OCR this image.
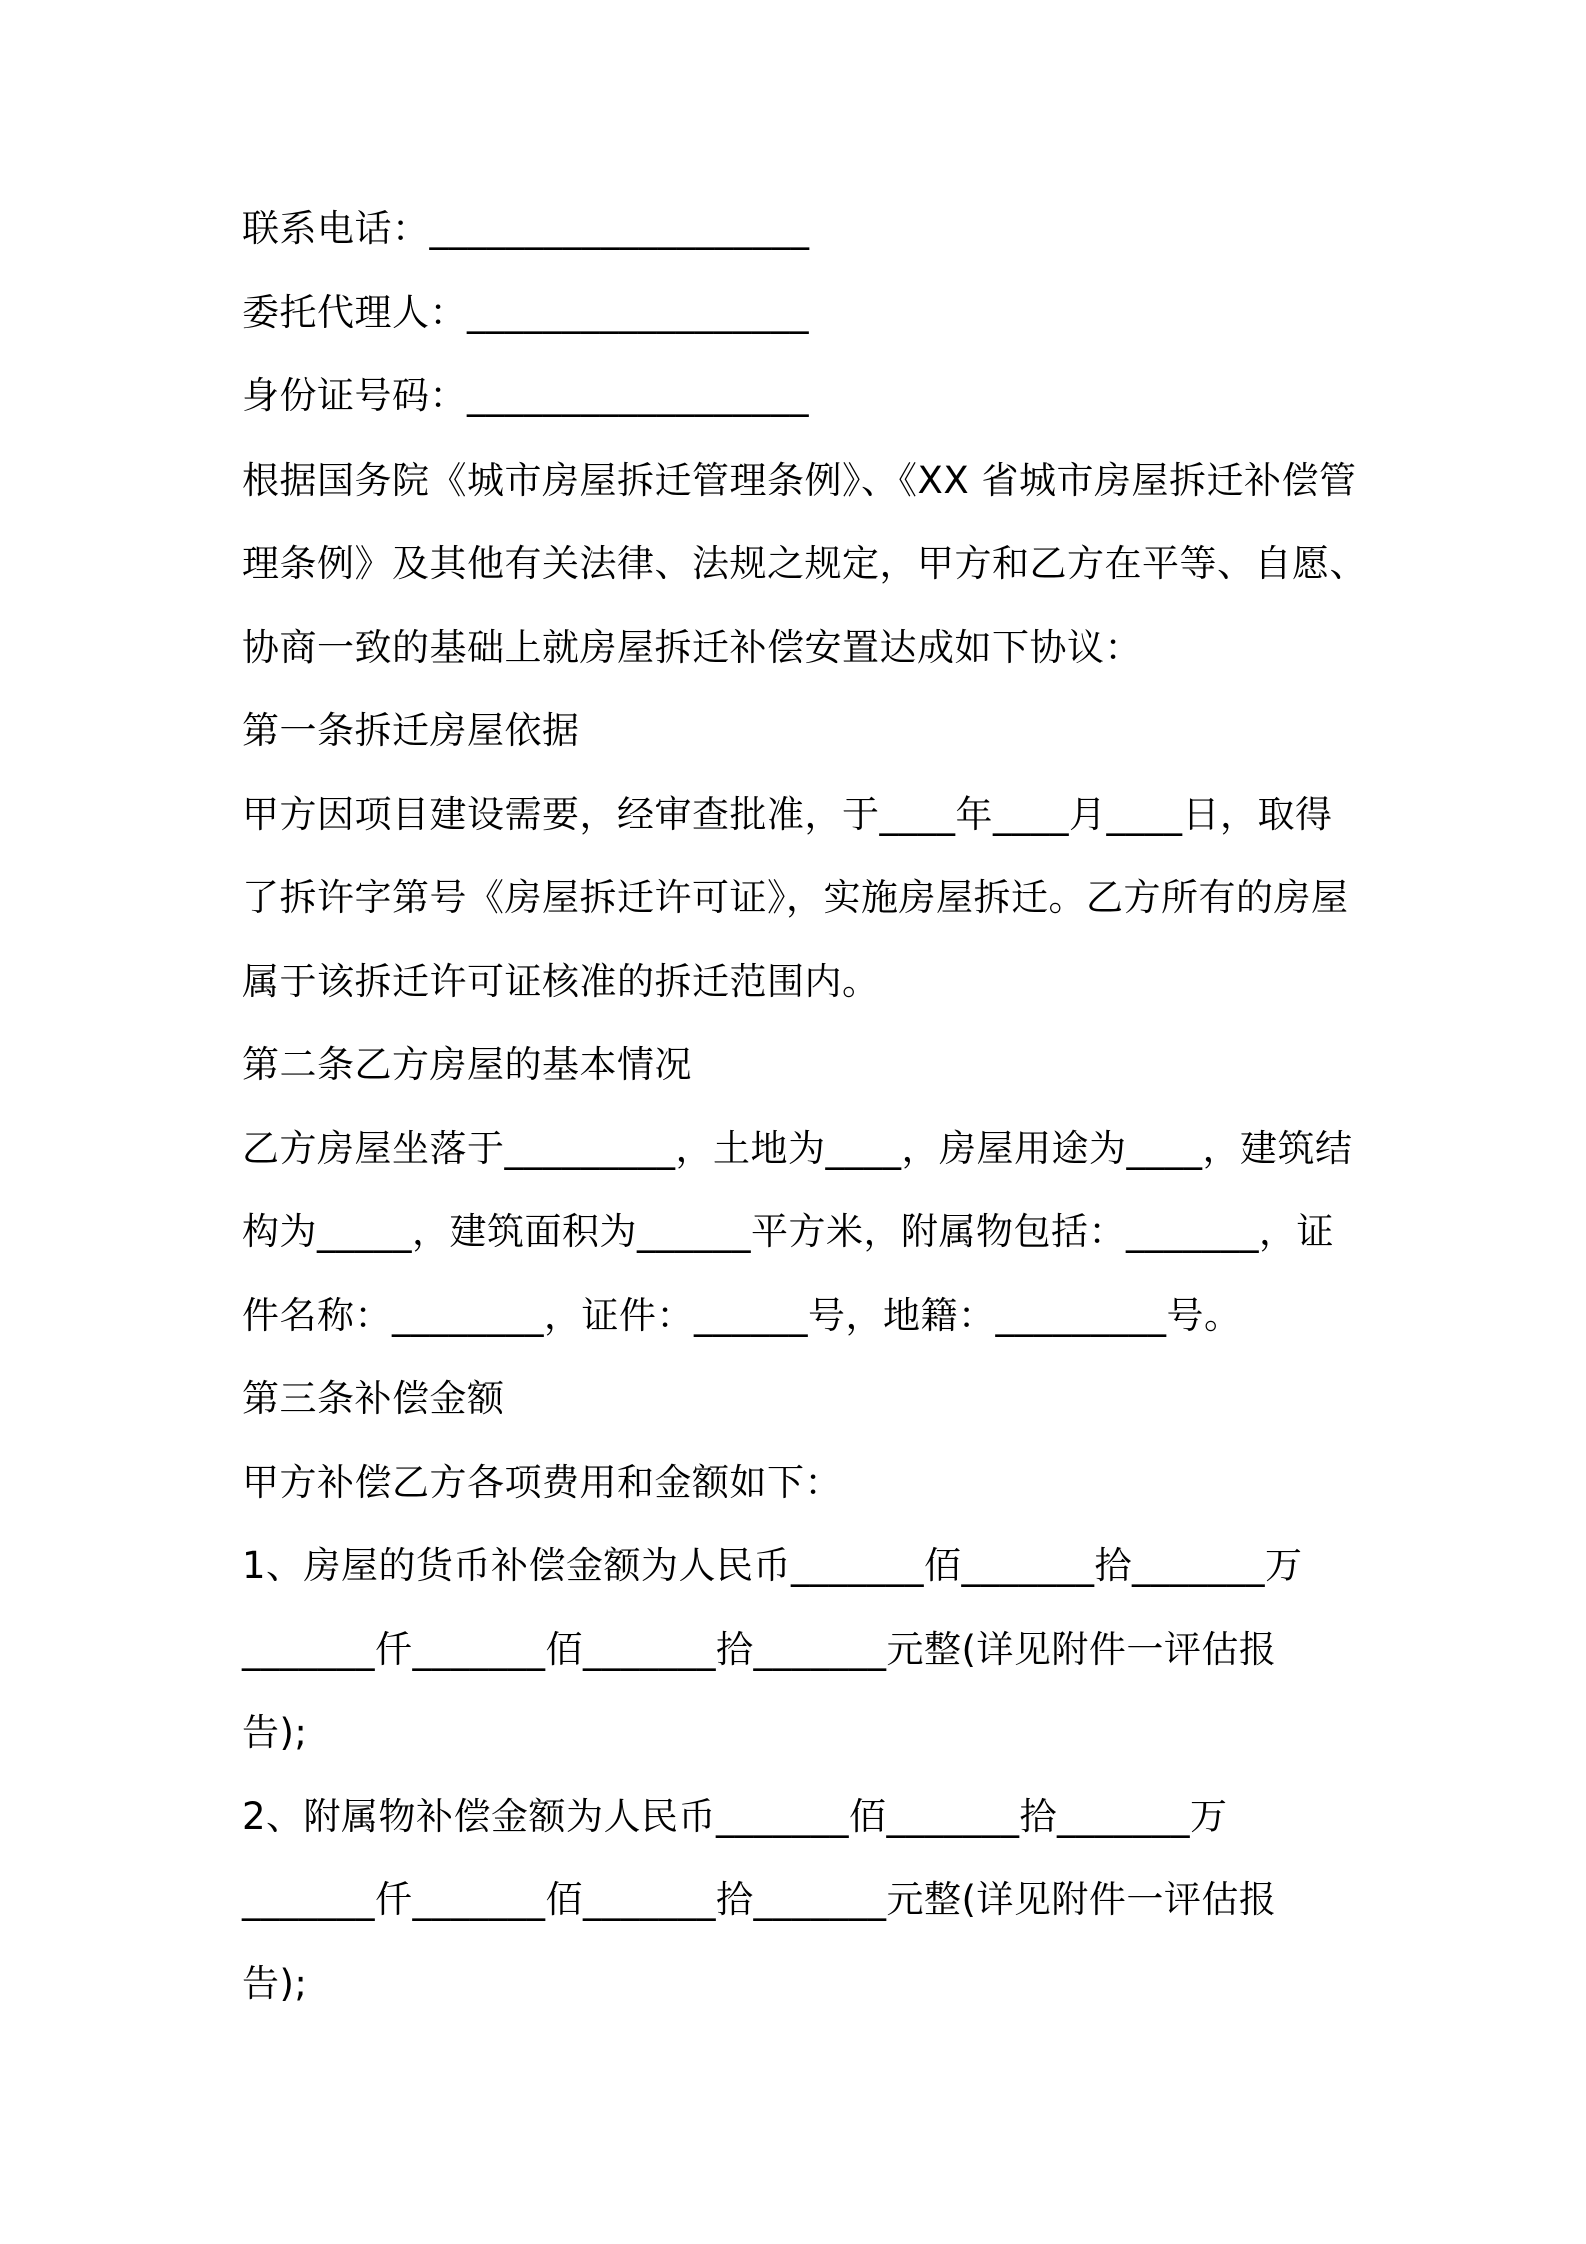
联系电话：____________________
委托代理人：__________________
身份证号码：__________________
根据国务院《城市房屋拆迁管理条例》、《XX 省城市房屋拆迁补偿管
理条例》及其他有关法律、法规之规定，甲方和乙方在平等、自愿、
协商一致的基础上就房屋拆迁补偿安置达成如下协议：
第一条拆迁房屋依据
甲方因项目建设需要，经审查批准，于____年____月____日，取得
了拆许字第号《房屋拆迁许可证》，实施房屋拆迁。乙方所有的房屋
属于该拆迁许可证核准的拆迁范围内。
第二条乙方房屋的基本情况
乙方房屋坐落于_________，土地为____，房屋用途为____，建筑结
构为_____，建筑面积为______平方米，附属物包括：_______，证
件名称：________，证件：______号，地籍：_________号。
第三条补偿金额
甲方补偿乙方各项费用和金额如下：
1、房屋的货币补偿金额为人民币_______佰_______拾_______万
_______仟_______佰_______拾_______元整(详见附件一评估报
告);
2、附属物补偿金额为人民币_______佰_______拾_______万
_______仟_______佰_______拾_______元整(详见附件一评估报
告);
